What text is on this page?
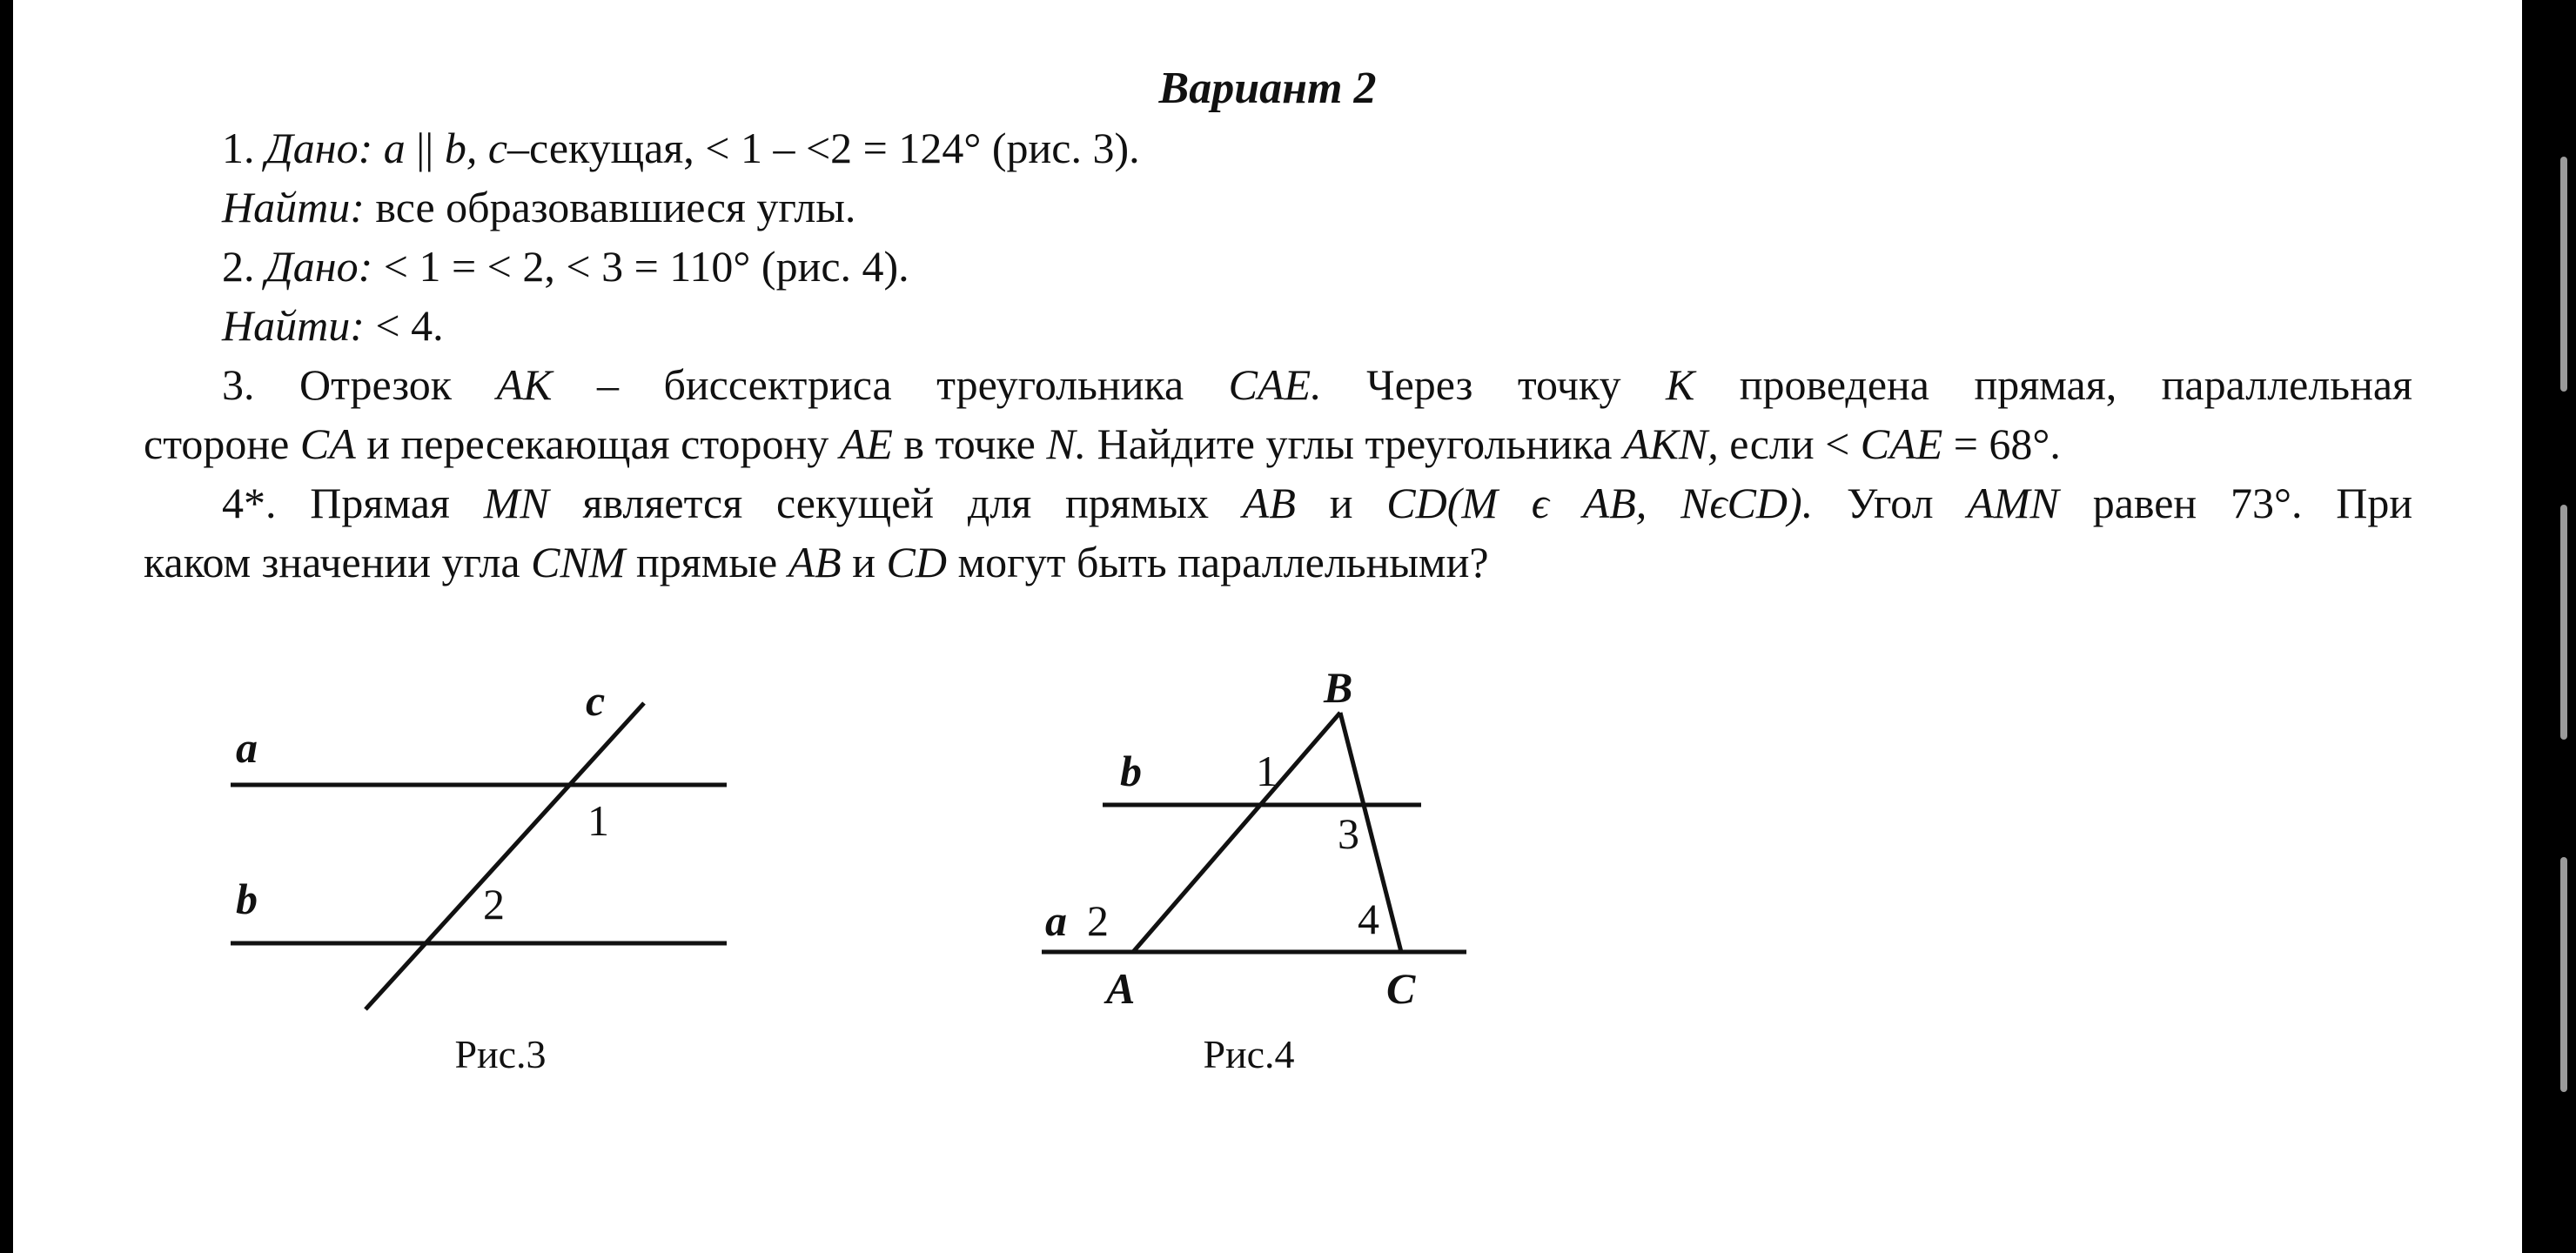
Вариант 2
1. Дано: a || b, c–секущая, < 1 – <2 = 124° (рис. 3).
Найти: все образовавшиеся углы.
2. Дано: < 1 = < 2, < 3 = 110° (рис. 4).
Найти: < 4.
3. Отрезок AK – биссектриса треугольника CAE. Через точку K проведена прямая, параллельная
стороне CA и пересекающая сторону AE в точке N. Найдите углы треугольника AKN, если < CAE = 68°.
4*. Прямая MN является секущей для прямых AB и CD(M ϵ AB, NϵCD). Угол AMN равен 73°. При
каком значении угла CNM прямые AB и CD могут быть параллельными?
a
b
c
1
2
Рис.3
B
b	1
3
a 2	4
A	C
Рис.4
